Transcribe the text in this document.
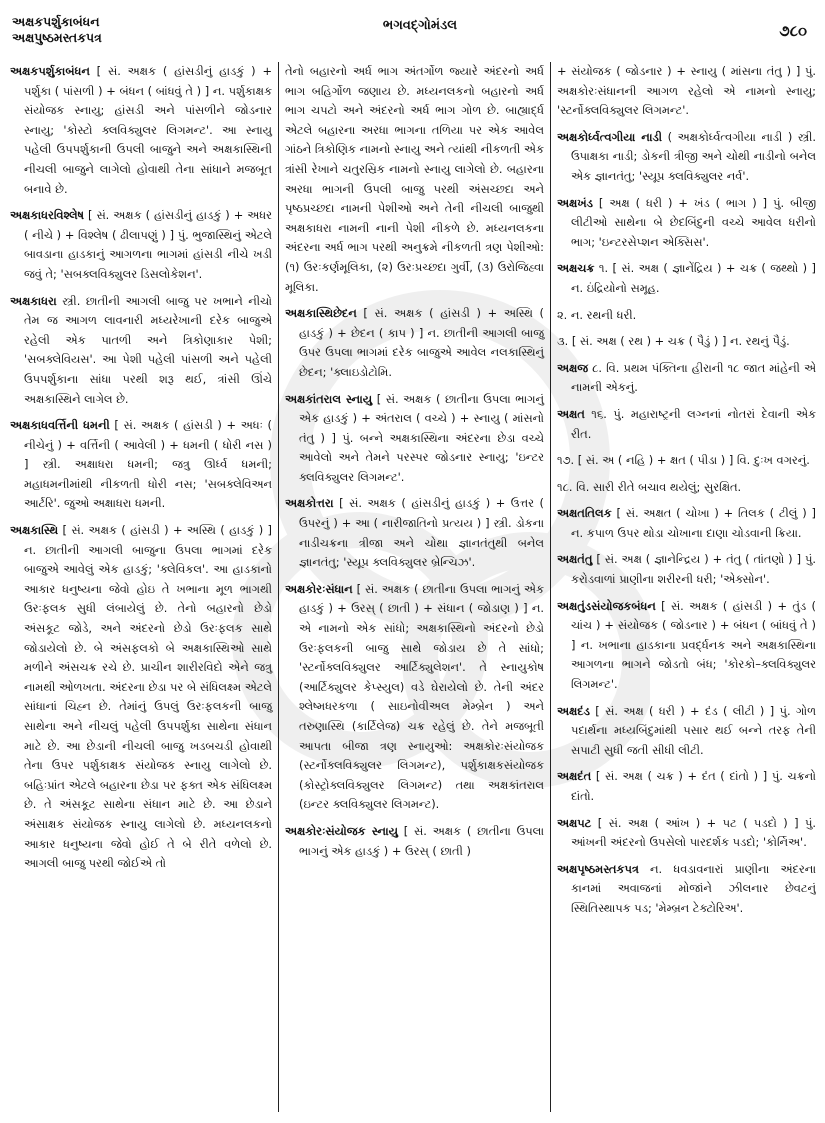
અક્ષકપર્શુકાબંધન
અક્ષપુષ્ઠમસ્તકપત્ર
ભગવદ્ગોમંડલ	૭૮૦
અક્ષકપર્શુકાબંધન [ સં. અક્ષક ( હાંસડીનું હાડકું ) + પર્શુકા ( પાંસળી ) + બંધન ( બાંધવું તે ) ] ન. પર્શુકાક્ષક સંયોજક સ્નાયુ; હાંસડી અને પાંસળીને જોડનાર સ્નાયુ; 'કોસ્ટો ક્લવિક્યુલર લિગમન્ટ'. આ સ્નાયુ પહેલી ઉપપર્શુકાની ઉપલી બાજુને અને અક્ષકાસ્થિની નીચલી બાજુને લાગેલો હોવાથી તેના સાંધાને મજબૂત બનાવે છે.
અક્ષકાધરવિશ્લેષ [ સં. અક્ષક ( હાંસડીનું હાડકું ) + અધર ( નીચે ) + વિશ્લેષ ( ઢીલાપણું ) ] પું. ભુજાસ્થિનું એટલે બાવડાના હાડકાનું આગળના ભાગમાં હાંસડી નીચે ખડી જવું તે; 'સબક્લવિક્યુલર ડિસલોકેશન'.
અક્ષકાધરા સ્ત્રી. છાતીની આગલી બાજુ પર ખભાને નીચો તેમ જ આગળ લાવનારી મધ્યરેખાની દરેક બાજુએ રહેલી એક પાતળી અને ત્રિકોણાકાર પેશી; 'સબક્લેવિયસ'. આ પેશી પહેલી પાંસળી અને પહેલી ઉપપર્શુકાના સાંધા પરથી શરૂ થઈ, ત્રાંસી ઊંચે અક્ષકાસ્થિને લાગેલ છે.
અક્ષકાધવર્ત્તિની ધમની [ સં. અક્ષક ( હાંસડી ) + અધઃ ( નીચેનું ) + વર્ત્તિની ( આવેલી ) + ધમની ( ધોરી નસ ) ] સ્ત્રી. અક્ષાધરા ધમની; જત્રુ ઊર્ધ્વ ધમની; મહાધમનીમાંથી નીકળતી ધોરી નસ; 'સબક્લેવિઅન આર્ટરિ'. જુઓ અક્ષાધરા ધમની.
અક્ષકાસ્થિ [ સં. અક્ષક ( હાંસડી ) + અસ્થિ ( હાડકું ) ] ન. છાતીની આગલી બાજુના ઉપલા ભાગમાં દરેક બાજુએ આવેલું એક હાડકું; 'ક્લેવિકલ'. આ હાડકાનો આકાર ધનુષ્યના જેવો હોઇ તે ખભાના મૂળ ભાગથી ઉરઃફલક સુધી લંબાયેલું છે. તેનો બહારનો છેડો અંસકૂટ જોડે, અને અંદરનો છેડો ઉરઃફલક સાથે જોડાયેલો છે. બે અંસફલકો બે અક્ષકાસ્થિઓ સાથે મળીને અંસચક્ર રચે છે. પ્રાચીન શારીરવિદો એને જત્રુ નામથી ઓળખતા. અંદરના છેડા પર બે સંધિલક્ષ્મ એટલે સાંધાનાં ચિહ્ન છે. તેમાંનું ઉપલું ઉરઃફલકની બાજુ સાથેના અને નીચલું પહેલી ઉપપર્શુકા સાથેના સંધાન માટે છે. આ છેડાની નીચલી બાજુ ખડબચડી હોવાથી તેના ઉપર પર્શુકાક્ષક સંયોજક સ્નાયુ લાગેલો છે. બહિઃપ્રાંત એટલે બહારના છેડા પર ફક્ત એક સંધિલક્ષ્મ છે. તે અંસકૂટ સાથેના સંધાન માટે છે. આ છેડાને અંસાક્ષક સંયોજક સ્નાયુ લાગેલો છે. મધ્યનલકનો આકાર ધનુષ્યના જેવો હોઈ તે બે રીતે વળેલો છે. આગલી બાજુ પરથી જોઈએ તો
તેનો બહારનો અર્ધ ભાગ અંતર્ગોળ જ્યારે અંદરનો અર્ધ ભાગ બહિર્ગોળ જણાય છે. મધ્યનલકનો બહારનો અર્ધ ભાગ ચપટો અને અંદરનો અર્ધ ભાગ ગોળ છે. બાહ્યાર્દ્ધ એટલે બહારના અરધા ભાગના તળિયા પર એક આવેલ ગાંઠને ત્રિકોણિક નામનો સ્નાયુ અને ત્યાંથી નીકળતી એક ત્રાંસી રેખાને ચતુરસ્રિક નામનો સ્નાયુ લાગેલો છે. બહારના અરધા ભાગની ઉપલી બાજુ પરથી અંસચ્છદા અને પૃષ્ઠપ્રચ્છદા નામની પેશીઓ અને તેની નીચલી બાજુથી અક્ષકાધરા નામની નાની પેશી નીકળે છે. મધ્યનલકના અંદરના અર્ધ ભાગ પરથી અનુક્રમે નીકળતી ત્રણ પેશીઓ: (૧) ઉરઃકર્ણમૂલિકા, (૨) ઉરઃપ્રચ્છદા ગુર્વી, (૩) ઉરોજિહ્વા મૂલિકા.
અક્ષકાસ્થિછેદન [ સં. અક્ષક ( હાંસડી ) + અસ્થિ ( હાડકું ) + છેદન ( કાપ ) ] ન. છાતીની આગલી બાજુ ઉપર ઉપલા ભાગમાં દરેક બાજુએ આવેલ નલકાસ્થિનું છેદન; 'ક્લાઇડોટોમિ.
અક્ષકાંતરાલ સ્નાયુ [ સં. અક્ષક ( છાતીના ઉપલા ભાગનું એક હાડકું ) + અંતરાલ ( વચ્ચે ) + સ્નાયુ ( માંસનો તંતુ ) ] પું. બન્ને અક્ષકાસ્થિના અંદરના છેડા વચ્ચે આવેલો અને તેમને પરસ્પર જોડનાર સ્નાયુ; 'ઇન્ટર ક્લવિક્યુલર લિગમન્ટ'.
અક્ષકોત્તરા [ સં. અક્ષક ( હાંસડીનું હાડકું ) + ઉત્તર ( ઉપરનું ) + આ ( નારીજાતિનો પ્રત્યય ) ] સ્ત્રી. ડોકના નાડીચક્રના ત્રીજા અને ચોથા જ્ઞાનતંતુથી બનેલ જ્ઞાનતંતુ; 'સ્યૂપ્ર ક્લવિક્યુલર બ્રેન્ચિઝ'.
અક્ષકોરઃસંધાન [ સં. અક્ષક ( છાતીના ઉપલા ભાગનું એક હાડકું ) + ઉરસ્ ( છાતી ) + સંધાન ( જોડાણ ) ] ન. એ નામનો એક સાંધો; અક્ષકાસ્થિનો અંદરનો છેડો ઉરઃફલકની બાજુ સાથે જોડાય છે તે સાંધો; 'સ્ટર્નોક્લવિક્યુલર આર્ટિક્યુલેશન'. તે સ્નાયુકોષ (આર્ટિક્યુલર કેપ્સ્યુલ) વડે ઘેરાયેલો છે. તેની અંદર શ્લેષ્મધરકળા ( સાઇનોવીઅલ મેમ્બ્રેન ) અને તરુણાસ્થિ (કાર્ટિલેજ) ચક્ર રહેલું છે. તેને મજબૂતી આપતા બીજા ત્રણ સ્નાયુઓ: અક્ષકોરઃસંયોજક (સ્ટર્નોક્લવિક્યુલર લિગમન્ટ), પર્શુકાક્ષકસંયોજક (કોસ્ટ્રોક્લવિક્યુલર લિગમન્ટ) તથા અક્ષકાંતરાલ (ઇન્ટર ક્લવિક્યુલર લિગમન્ટ).
અક્ષકોરઃસંયોજક સ્નાયુ [ સં. અક્ષક ( છાતીના ઉપલા ભાગનું એક હાડકું ) + ઉરસ્ ( છાતી )
+ સંયોજક ( જોડનાર ) + સ્નાયુ ( માંસના તંતુ ) ] પું. અક્ષકોરઃસંધાનની આગળ રહેલો એ નામનો સ્નાયુ; 'સ્ટર્નોક્લવિક્યુલર લિગમન્ટ'.
અક્ષકોર્ધ્વત્વગીયા નાડી ( અક્ષકોર્ધ્વત્વગીયા નાડી ) સ્ત્રી. ઉપાક્ષકા નાડી; ડોકની ત્રીજી અને ચોથી નાડીનો બનેલ એક જ્ઞાનતંતુ; 'સ્યૂપ્ર ક્લવિક્યુલર નર્વ'.
અક્ષખંડ [ અક્ષ ( ધરી ) + ખંડ ( ભાગ ) ] પું. બીજી લીટીઓ સાથેના બે છેદબિંદુની વચ્ચે આવેલ ધરીનો ભાગ; 'ઇન્ટરસેપ્શન એક્સિસ'.
અક્ષચક્ર ૧. [ સં. અક્ષ ( જ્ઞાનેંદ્રિય ) + ચક્ર ( જથ્થો ) ] ન. ઇંદ્રિયોનો સમૂહ.
૨. ન. રથની ધરી.
૩. [ સં. અક્ષ ( રથ ) + ચક્ર ( પૈડું ) ] ન. રથનું પૈડું.
અક્ષજ ૮. વિ. પ્રથમ પંક્તિના હીરાની ૧૮ જાત માંહેની એ નામની એકનું.
અક્ષત ૧૬. પું. મહારાષ્ટ્રની લગ્નનાં નોતરાં દેવાની એક રીત.
૧૭. [ સં. અ ( નહિ ) + ક્ષત ( પીડા ) ] વિ. દુઃખ વગરનું.
૧૮. વિ. સારી રીતે બચાવ થયેલું; સુરક્ષિત.
અક્ષતતિલક [ સં. અક્ષત ( ચોખા ) + તિલક ( ટીલું ) ] ન. કપાળ ઉપર થોડા ચોખાના દાણા ચોડવાની ક્રિયા.
અક્ષતંતુ [ સં. અક્ષ ( જ્ઞાનેન્દ્રિય ) + તંતુ ( તાંતણો ) ] પું. કરોડવાળાં પ્રાણીના શરીરની ધરી; 'એક્સોન'.
અક્ષતુંડસંયોજકબંધન [ સં. અક્ષક ( હાંસડી ) + તુંડ ( ચાંચ ) + સંયોજક ( જોડનાર ) + બંધન ( બાંધવું તે ) ] ન. ખભાના હાડકાના પ્રવર્દ્ધનક અને અક્ષકાસ્થિના આગળના ભાગને જોડતો બંધ; 'કોરકો–ક્લવિક્યુલર લિગમન્ટ'.
અક્ષદંડ [ સં. અક્ષ ( ધરી ) + દંડ ( લીટી ) ] પું. ગોળ પદાર્થના મધ્યબિંદુમાંથી પસાર થઈ બન્ને તરફ તેની સપાટી સુધી જતી સીધી લીટી.
અક્ષદંત [ સં. અક્ષ ( ચક્ર ) + દંત ( દાંતો ) ] પું. ચક્રનો દાંતો.
અક્ષપટ [ સં. અક્ષ ( આંખ ) + પટ ( પડદો ) ] પું. આંખની અંદરનો ઉપસેલો પારદર્શક પડદો; 'કોર્નિઅ'.
અક્ષપૃષ્ઠમસ્તકપત્ર ન. ધવડાવનારાં પ્રાણીના અંદરના કાનમાં અવાજનાં મોજાંને ઝીલનાર છેવટનું સ્થિતિસ્થાપક પડ; 'મેમ્બ્રન ટેક્ટોરિઅ'.
